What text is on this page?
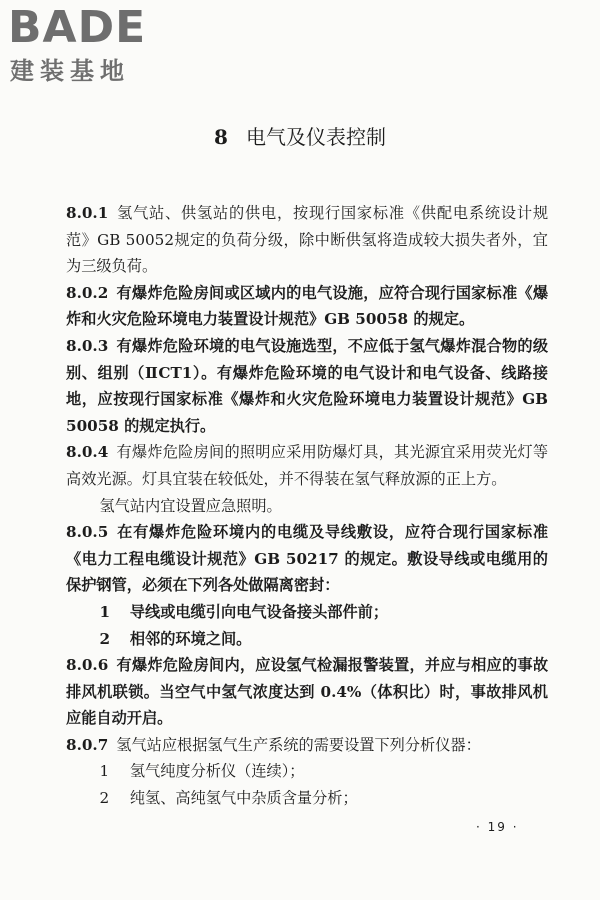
BADE
建装基地
8 电气及仪表控制

8.0.1 氢气站、供氢站的供电，按现行国家标准《供配电系统设计规范》GB 50052规定的负荷分级，除中断供氢将造成较大损失者外，宜为三级负荷。

8.0.2 有爆炸危险房间或区域内的电气设施，应符合现行国家标准《爆炸和火灾危险环境电力装置设计规范》GB 50058 的规定。

8.0.3 有爆炸危险环境的电气设施选型，不应低于氢气爆炸混合物的级别、组别（ⅡCT1）。有爆炸危险环境的电气设计和电气设备、线路接地，应按现行国家标准《爆炸和火灾危险环境电力装置设计规范》GB 50058 的规定执行。

8.0.4 有爆炸危险房间的照明应采用防爆灯具，其光源宜采用荧光灯等高效光源。灯具宜装在较低处，并不得装在氢气释放源的正上方。

氢气站内宜设置应急照明。

8.0.5 在有爆炸危险环境内的电缆及导线敷设，应符合现行国家标准《电力工程电缆设计规范》GB 50217 的规定。敷设导线或电缆用的保护钢管，必须在下列各处做隔离密封：

1 导线或电缆引向电气设备接头部件前；

2 相邻的环境之间。

8.0.6 有爆炸危险房间内，应设氢气检漏报警装置，并应与相应的事故排风机联锁。当空气中氢气浓度达到 0.4%（体积比）时，事故排风机应能自动开启。

8.0.7 氢气站应根据氢气生产系统的需要设置下列分析仪器：

1 氢气纯度分析仪（连续）；

2 纯氢、高纯氢气中杂质含量分析；

· 19 ·
